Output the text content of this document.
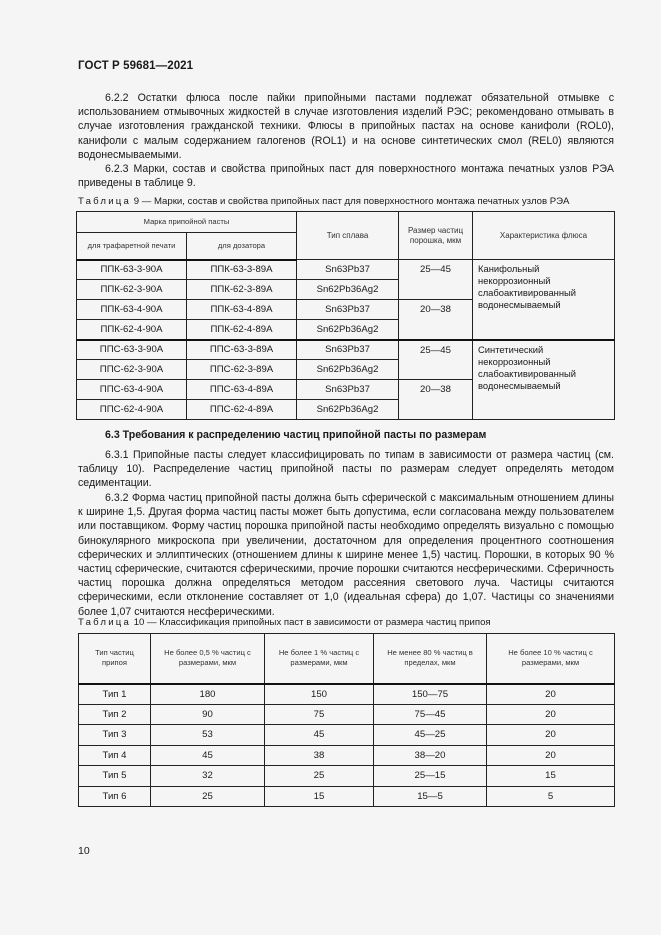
ГОСТ Р 59681—2021

6.2.2 Остатки флюса после пайки припойными пастами подлежат обязательной отмывке с использованием отмывочных жидкостей в случае изготовления изделий РЭС; рекомендовано отмывать в случае изготовления гражданской техники. Флюсы в припойных пастах на основе канифоли (ROL0), канифоли с малым содержанием галогенов (ROL1) и на основе синтетических смол (REL0) являются водонесмываемыми.

6.2.3 Марки, состав и свойства припойных паст для поверхностного монтажа печатных узлов РЭА приведены в таблице 9.

Таблица 9 — Марки, состав и свойства припойных паст для поверхностного монтажа печатных узлов РЭА
Марка припойной пасты		Тип сплава	Размер частиц порошка, мкм	Характеристика флюса
для трафаретной печати	для дозатора			
ППК-63-3-90А	ППК-63-3-89А	Sn63Pb37	25—45	Канифольный некоррозионный слабоактивированный водонесмываемый
ППК-62-3-90А	ППК-62-3-89А	Sn62Pb36Ag2		
ППК-63-4-90А	ППК-63-4-89А	Sn63Pb37	20—38	
ППК-62-4-90А	ППК-62-4-89А	Sn62Pb36Ag2		
ППС-63-3-90А	ППС-63-3-89А	Sn63Pb37	25—45	Синтетический некоррозионный слабоактивированный водонесмываемый
ППС-62-3-90А	ППС-62-3-89А	Sn62Pb36Ag2		
ППС-63-4-90А	ППС-63-4-89А	Sn63Pb37	20—38	
ППС-62-4-90А	ППС-62-4-89А	Sn62Pb36Ag2		

6.3 Требования к распределению частиц припойной пасты по размерам

6.3.1 Припойные пасты следует классифицировать по типам в зависимости от размера частиц (см. таблицу 10). Распределение частиц припойной пасты по размерам следует определять методом седиментации.

6.3.2 Форма частиц припойной пасты должна быть сферической с максимальным отношением длины к ширине 1,5. Другая форма частиц пасты может быть допустима, если согласована между пользователем или поставщиком. Форму частиц порошка припойной пасты необходимо определять визуально с помощью бинокулярного микроскопа при увеличении, достаточном для определения процентного соотношения сферических и эллиптических (отношением длины к ширине менее 1,5) частиц. Порошки, в которых 90 % частиц сферические, считаются сферическими, прочие порошки считаются несферическими. Сферичность частиц порошка должна определяться методом рассеяния светового луча. Частицы считаются сферическими, если отклонение составляет от 1,0 (идеальная сфера) до 1,07. Частицы со значениями более 1,07 считаются несферическими.

Таблица 10 — Классификация припойных паст в зависимости от размера частиц припоя
Тип частиц припоя	Не более 0,5 % частиц с размерами, мкм	Не более 1 % частиц с размерами, мкм	Не менее 80 % частиц в пределах, мкм	Не более 10 % частиц с размерами, мкм
Тип 1	180	150	150—75	20
Тип 2	90	75	75—45	20
Тип 3	53	45	45—25	20
Тип 4	45	38	38—20	20
Тип 5	32	25	25—15	15
Тип 6	25	15	15—5	5
10
